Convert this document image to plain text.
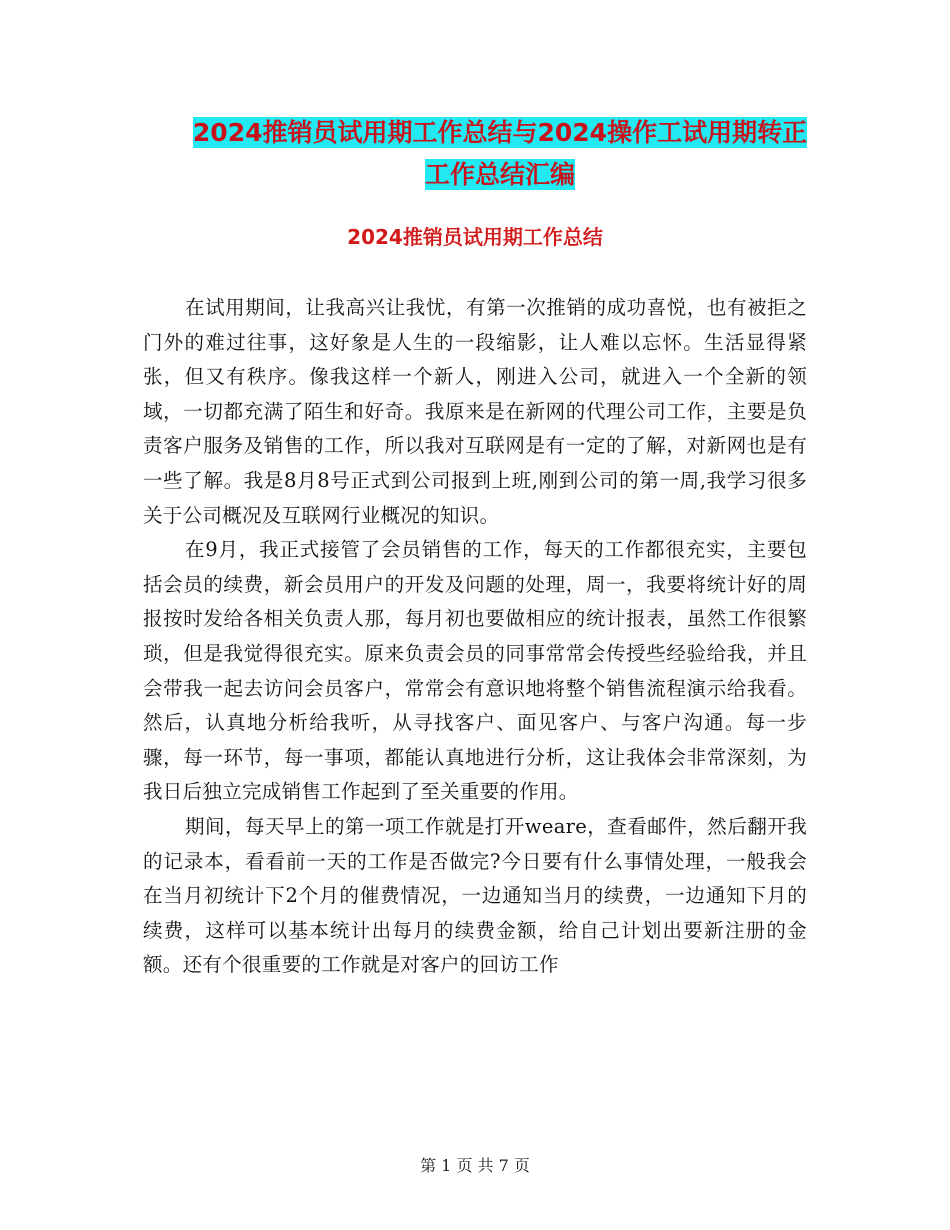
2024推销员试用期工作总结与2024操作工试用期转正
工作总结汇编
2024推销员试用期工作总结

在试用期间，让我高兴让我忧，有第一次推销的成功喜悦，也有被拒之门外的难过往事，这好象是人生的一段缩影，让人难以忘怀。生活显得紧张，但又有秩序。像我这样一个新人，刚进入公司，就进入一个全新的领域，一切都充满了陌生和好奇。我原来是在新网的代理公司工作，主要是负责客户服务及销售的工作，所以我对互联网是有一定的了解，对新网也是有一些了解。我是8月8号正式到公司报到上班,刚到公司的第一周,我学习很多关于公司概况及互联网行业概况的知识。

在9月，我正式接管了会员销售的工作，每天的工作都很充实，主要包括会员的续费，新会员用户的开发及问题的处理，周一，我要将统计好的周报按时发给各相关负责人那，每月初也要做相应的统计报表，虽然工作很繁琐，但是我觉得很充实。原来负责会员的同事常常会传授些经验给我，并且会带我一起去访问会员客户，常常会有意识地将整个销售流程演示给我看。然后，认真地分析给我听，从寻找客户、面见客户、与客户沟通。每一步骤，每一环节，每一事项，都能认真地进行分析，这让我体会非常深刻，为我日后独立完成销售工作起到了至关重要的作用。

期间，每天早上的第一项工作就是打开weare，查看邮件，然后翻开我的记录本，看看前一天的工作是否做完?今日要有什么事情处理，一般我会在当月初统计下2个月的催费情况，一边通知当月的续费，一边通知下月的续费，这样可以基本统计出每月的续费金额，给自己计划出要新注册的金额。还有个很重要的工作就是对客户的回访工作

第 1 页 共 7 页
